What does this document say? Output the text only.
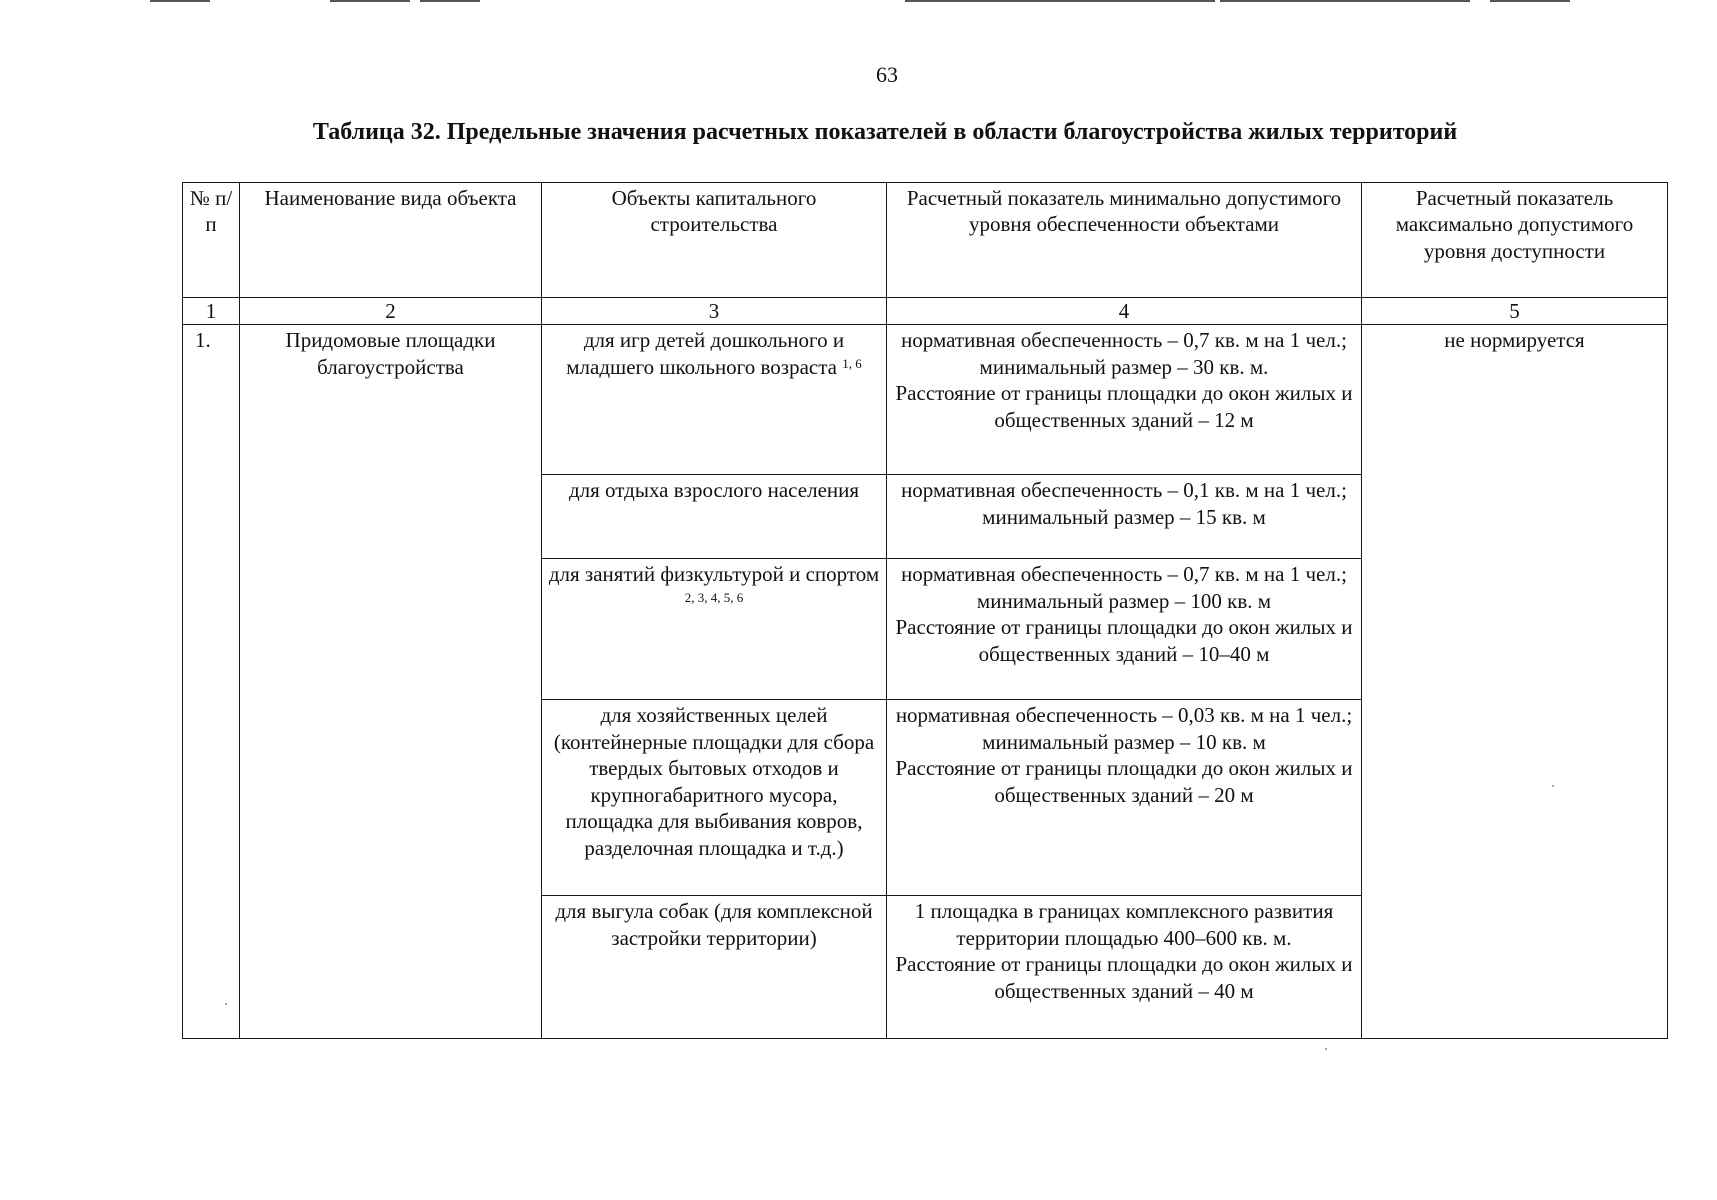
63
Таблица 32. Предельные значения расчетных показателей в области благоустройства жилых территорий
№ п/п	Наименование вида объекта	Объекты капитального строительства	Расчетный показатель минимально допустимого уровня обеспеченности объектами	Расчетный показатель максимально допустимого уровня доступности
1	2	3	4	5
1.	Придомовые площадки благоустройства	для игр детей дошкольного и младшего школьного возраста $^{1, 6}$	нормативная обеспеченность – 0,7 кв. м на 1 чел.;
минимальный размер – 30 кв. м.
Расстояние от границы площадки до окон жилых и общественных зданий – 12 м	не нормируется
		для отдыха взрослого населения	нормативная обеспеченность – 0,1 кв. м на 1 чел.;
минимальный размер – 15 кв. м	

		для занятий физкультурой и спортом $^{2, 3, 4, 5, 6}$	нормативная обеспеченность – 0,7 кв. м на 1 чел.;
минимальный размер – 100 кв. м
Расстояние от границы площадки до окон жилых и общественных зданий – 10–40 м	

		для хозяйственных целей (контейнерные площадки для сбора твердых бытовых отходов и крупногабаритного мусора, площадка для выбивания ковров, разделочная площадка и т.д.)	нормативная обеспеченность – 0,03 кв. м на 1 чел.;
минимальный размер – 10 кв. м
Расстояние от границы площадки до окон жилых и общественных зданий – 20 м	

		для выгула собак (для комплексной застройки территории)	1 площадка в границах комплексного развития территории площадью 400–600 кв. м.
Расстояние от границы площадки до окон жилых и общественных зданий – 40 м	
